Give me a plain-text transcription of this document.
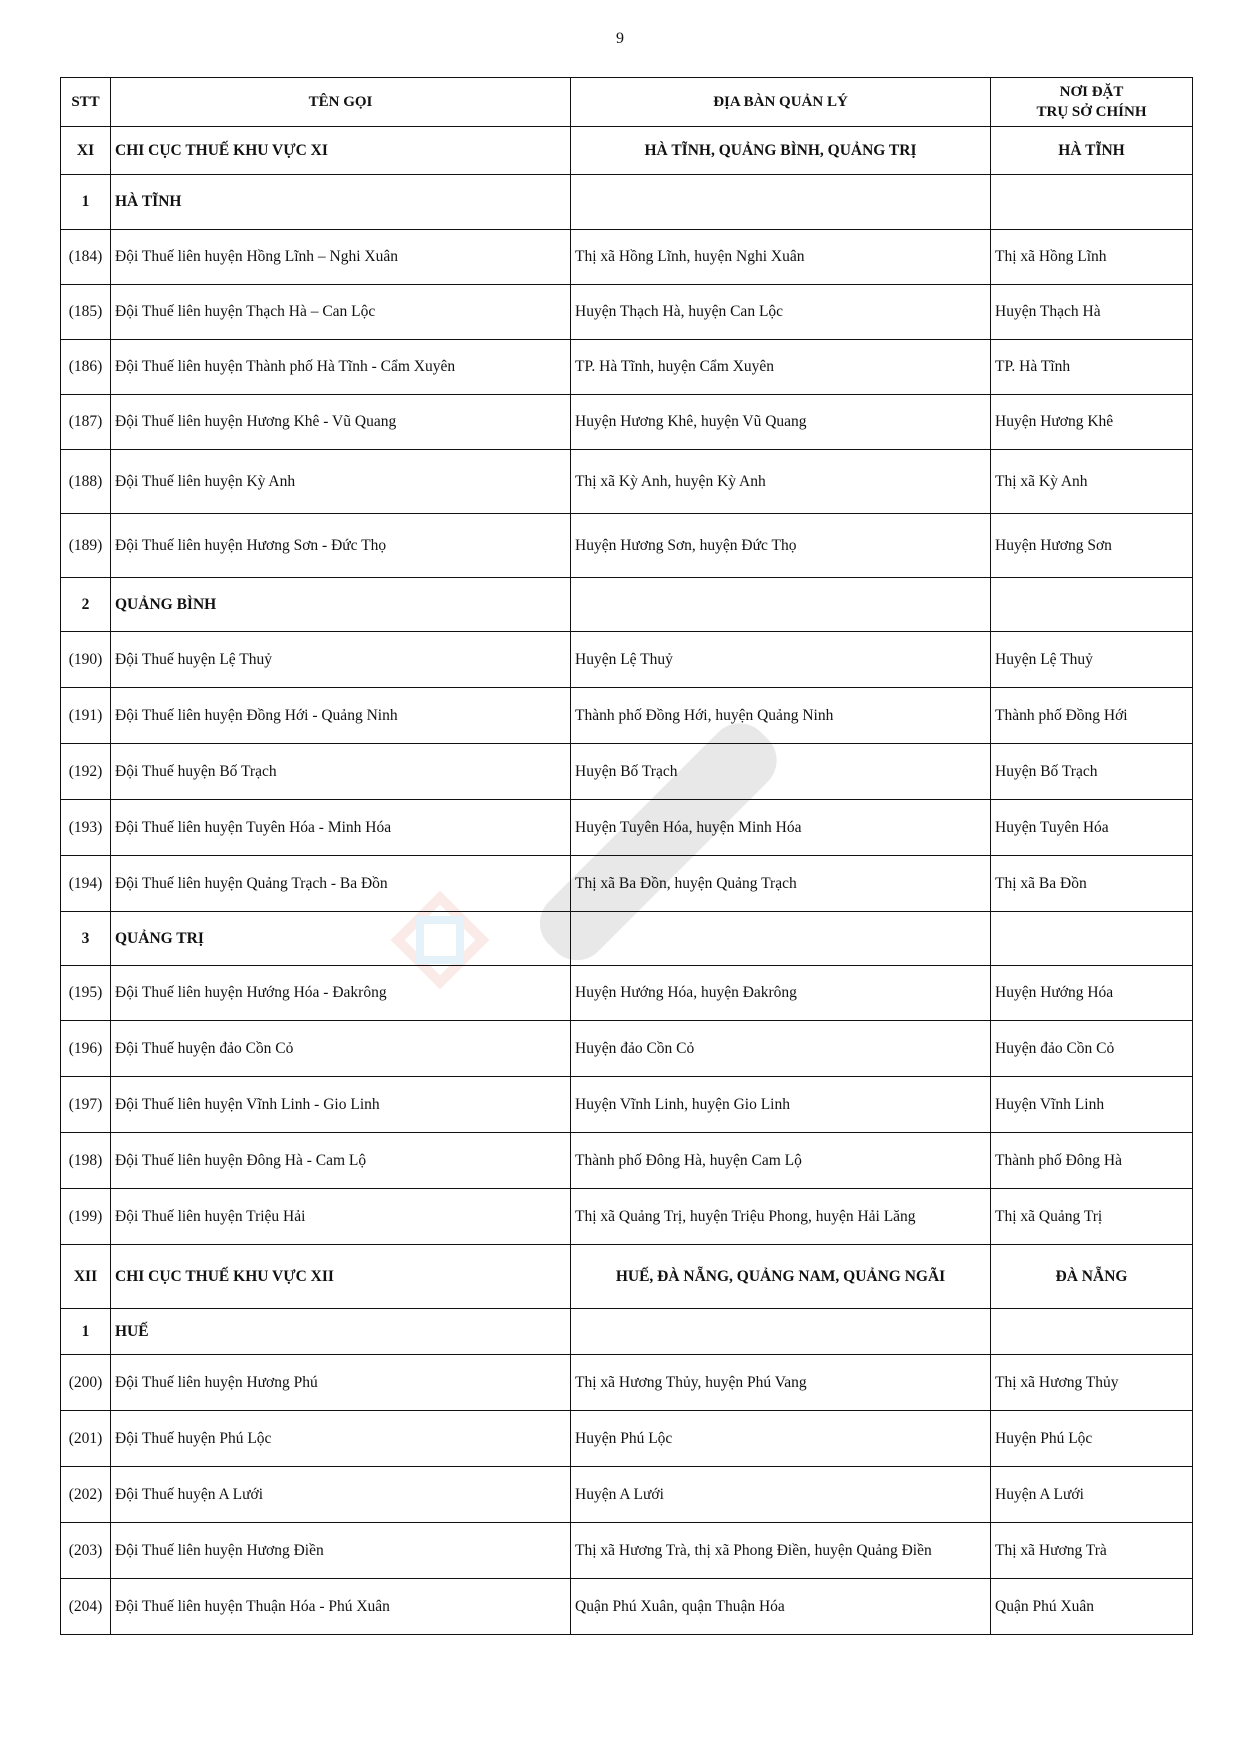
9
STT	TÊN GỌI	ĐỊA BÀN QUẢN LÝ	NƠI ĐẶT
TRỤ SỞ CHÍNH
XI	CHI CỤC THUẾ KHU VỰC XI	HÀ TĨNH, QUẢNG BÌNH, QUẢNG TRỊ	HÀ TĨNH
1	HÀ TĨNH		
(184)	Đội Thuế liên huyện Hồng Lĩnh – Nghi Xuân	Thị xã Hồng Lĩnh, huyện Nghi Xuân	Thị xã Hồng Lĩnh
(185)	Đội Thuế liên huyện Thạch Hà – Can Lộc	Huyện Thạch Hà, huyện Can Lộc	Huyện Thạch Hà
(186)	Đội Thuế liên huyện Thành phố Hà Tĩnh - Cẩm Xuyên	TP. Hà Tĩnh, huyện Cẩm Xuyên	TP. Hà Tĩnh
(187)	Đội Thuế liên huyện Hương Khê - Vũ Quang	Huyện Hương Khê, huyện Vũ Quang	Huyện Hương Khê
(188)	Đội Thuế liên huyện Kỳ Anh	Thị xã Kỳ Anh, huyện Kỳ Anh	Thị xã Kỳ Anh
(189)	Đội Thuế liên huyện Hương Sơn - Đức Thọ	Huyện Hương Sơn, huyện Đức Thọ	Huyện Hương Sơn
2	QUẢNG BÌNH		
(190)	Đội Thuế huyện Lệ Thuỷ	Huyện Lệ Thuỷ	Huyện Lệ Thuỷ
(191)	Đội Thuế liên huyện Đồng Hới - Quảng Ninh	Thành phố Đồng Hới, huyện Quảng Ninh	Thành phố Đồng Hới
(192)	Đội Thuế huyện Bố Trạch	Huyện Bố Trạch	Huyện Bố Trạch
(193)	Đội Thuế liên huyện Tuyên Hóa - Minh Hóa	Huyện Tuyên Hóa, huyện Minh Hóa	Huyện Tuyên Hóa
(194)	Đội Thuế liên huyện Quảng Trạch - Ba Đồn	Thị xã Ba Đồn, huyện Quảng Trạch	Thị xã Ba Đồn
3	QUẢNG TRỊ		
(195)	Đội Thuế liên huyện Hướng Hóa - Đakrông	Huyện Hướng Hóa, huyện Đakrông	Huyện Hướng Hóa
(196)	Đội Thuế huyện đảo Cồn Cỏ	Huyện đảo Cồn Cỏ	Huyện đảo Cồn Cỏ
(197)	Đội Thuế liên huyện Vĩnh Linh - Gio Linh	Huyện Vĩnh Linh, huyện Gio Linh	Huyện Vĩnh Linh
(198)	Đội Thuế liên huyện Đông Hà - Cam Lộ	Thành phố Đông Hà, huyện Cam Lộ	Thành phố Đông Hà
(199)	Đội Thuế liên huyện Triệu Hải	Thị xã Quảng Trị, huyện Triệu Phong, huyện Hải Lăng	Thị xã Quảng Trị
XII	CHI CỤC THUẾ KHU VỰC XII	HUẾ, ĐÀ NẴNG, QUẢNG NAM, QUẢNG NGÃI	ĐÀ NẴNG
1	HUẾ		
(200)	Đội Thuế liên huyện Hương Phú	Thị xã Hương Thủy, huyện Phú Vang	Thị xã Hương Thủy
(201)	Đội Thuế huyện Phú Lộc	Huyện Phú Lộc	Huyện Phú Lộc
(202)	Đội Thuế huyện A Lưới	Huyện A Lưới	Huyện A Lưới
(203)	Đội Thuế liên huyện Hương Điền	Thị xã Hương Trà, thị xã Phong Điền, huyện Quảng Điền	Thị xã Hương Trà
(204)	Đội Thuế liên huyện Thuận Hóa - Phú Xuân	Quận Phú Xuân, quận Thuận Hóa	Quận Phú Xuân
